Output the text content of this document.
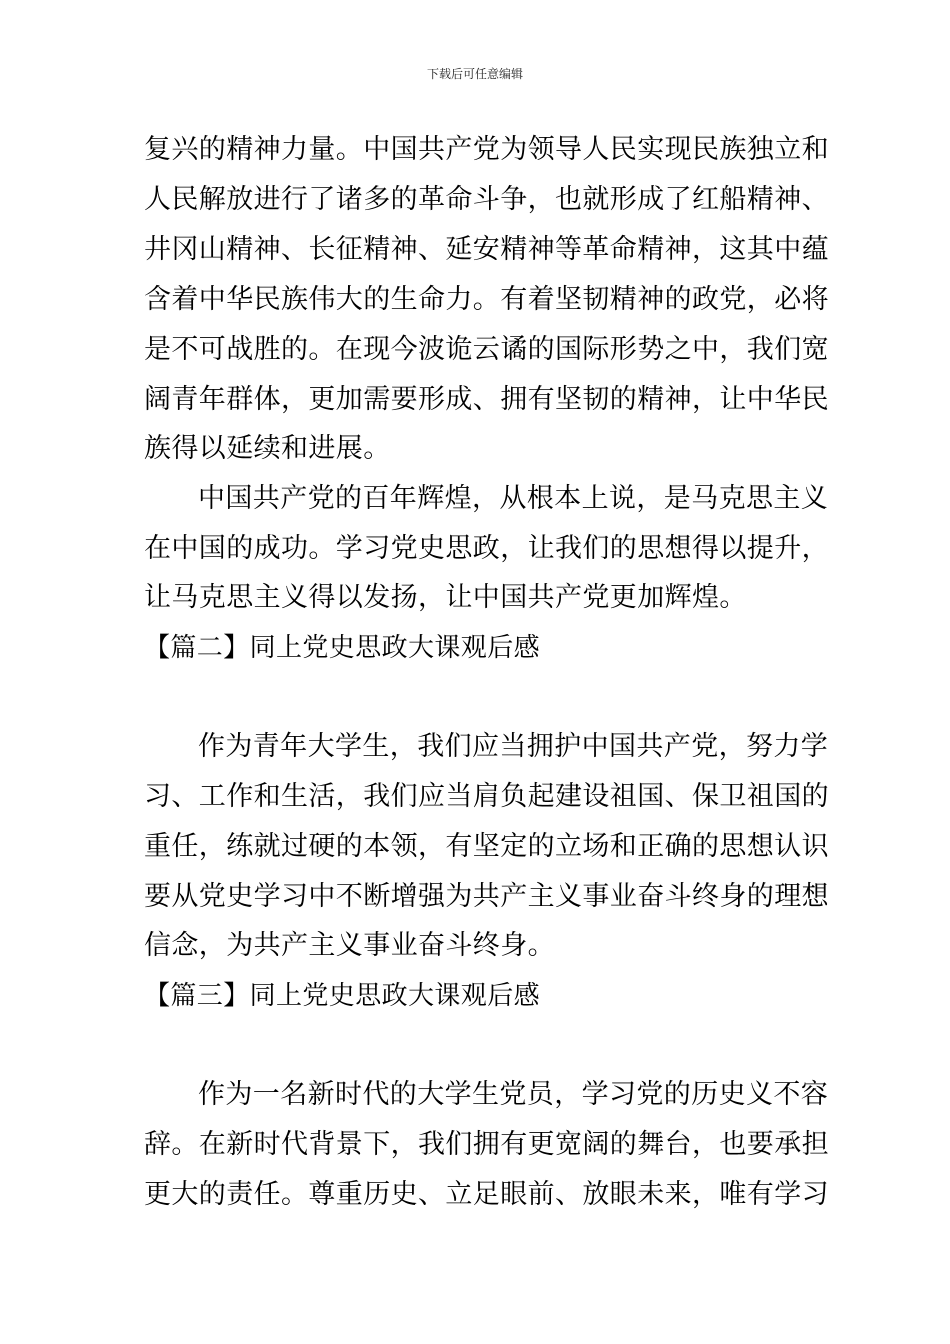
下载后可任意编辑
复兴的精神力量。中国共产党为领导人民实现民族独立和
人民解放进行了诸多的革命斗争，也就形成了红船精神、
井冈山精神、长征精神、延安精神等革命精神，这其中蕴
含着中华民族伟大的生命力。有着坚韧精神的政党，必将
是不可战胜的。在现今波诡云谲的国际形势之中，我们宽
阔青年群体，更加需要形成、拥有坚韧的精神，让中华民
族得以延续和进展。
中国共产党的百年辉煌，从根本上说，是马克思主义
在中国的成功。学习党史思政，让我们的思想得以提升，
让马克思主义得以发扬，让中国共产党更加辉煌。
【篇二】同上党史思政大课观后感
作为青年大学生，我们应当拥护中国共产党，努力学
习、工作和生活，我们应当肩负起建设祖国、保卫祖国的
重任，练就过硬的本领，有坚定的立场和正确的思想认识
要从党史学习中不断增强为共产主义事业奋斗终身的理想
信念，为共产主义事业奋斗终身。
【篇三】同上党史思政大课观后感
作为一名新时代的大学生党员，学习党的历史义不容
辞。在新时代背景下，我们拥有更宽阔的舞台，也要承担
更大的责任。尊重历史、立足眼前、放眼未来，唯有学习
